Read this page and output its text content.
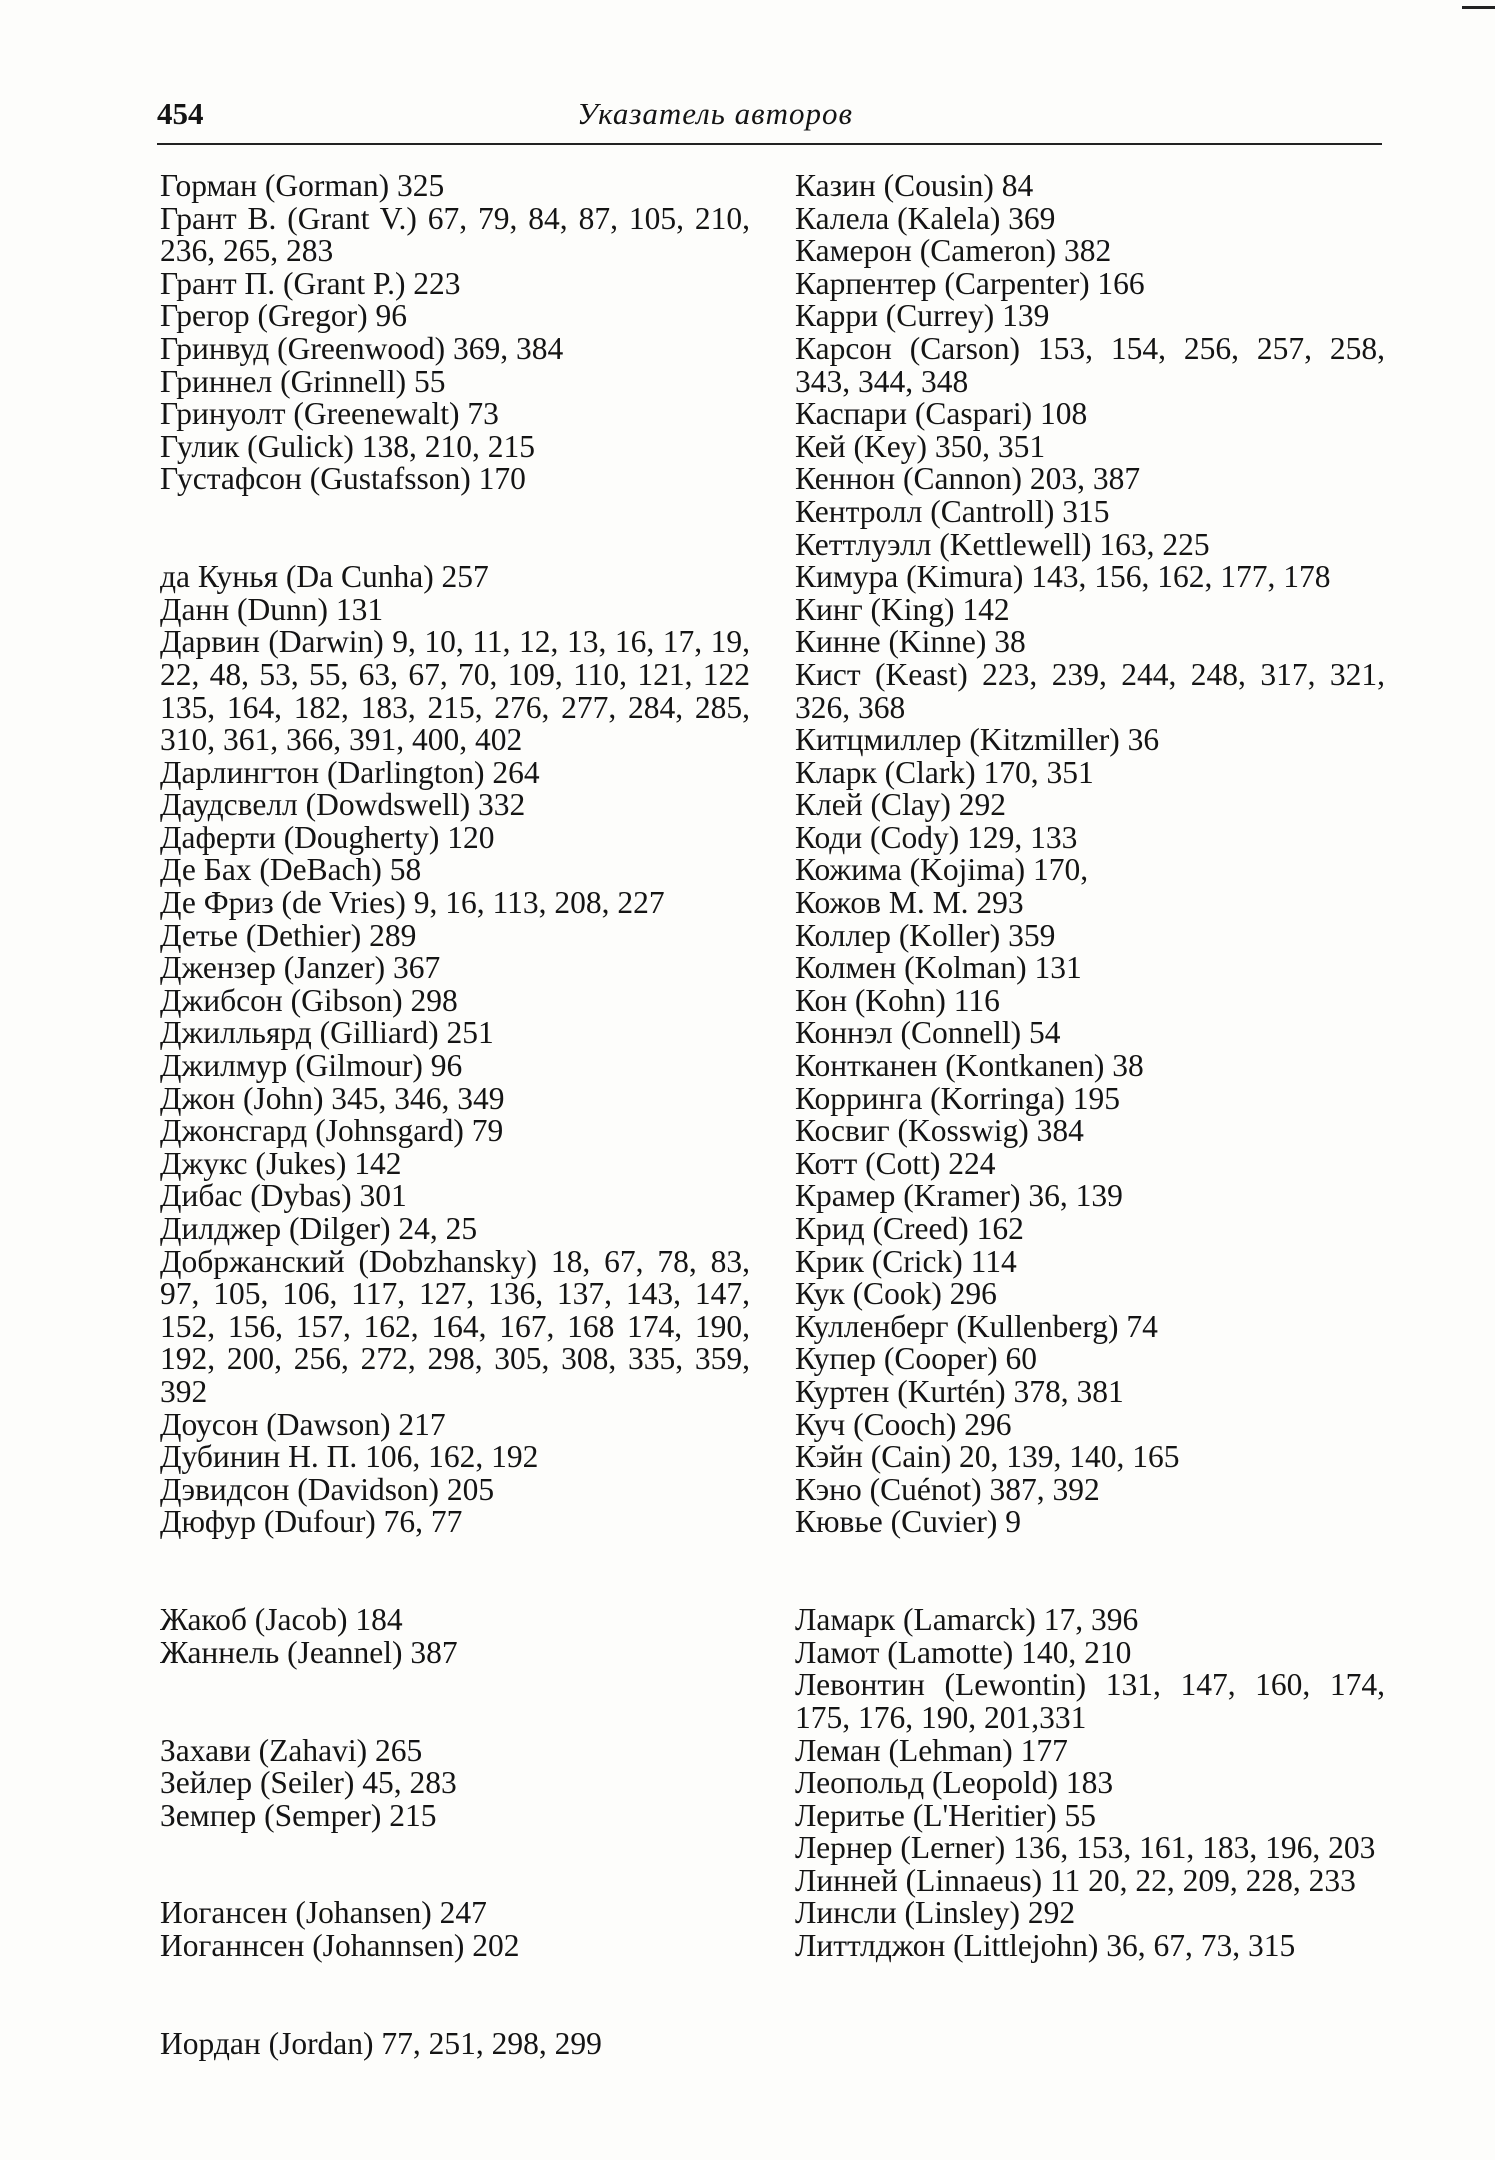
454	Указатель авторов
Горман (Gorman) 325
Грант В. (Grant V.) 67, 79, 84, 87, 105, 210, 236, 265, 283
Грант П. (Grant P.) 223
Грегор (Gregor) 96
Гринвуд (Greenwood) 369, 384
Гриннел (Grinnell) 55
Гринуолт (Greenewalt) 73
Гулик (Gulick) 138, 210, 215
Густафсон (Gustafsson) 170
да Кунья (Da Cunha) 257
Данн (Dunn) 131
Дарвин (Darwin) 9, 10, 11, 12, 13, 16, 17, 19, 22, 48, 53, 55, 63, 67, 70, 109, 110, 121, 122 135, 164, 182, 183, 215, 276, 277, 284, 285, 310, 361, 366, 391, 400, 402
Дарлингтон (Darlington) 264
Даудсвелл (Dowdswell) 332
Даферти (Dougherty) 120
Де Бах (DeBach) 58
Де Фриз (de Vries) 9, 16, 113, 208, 227
Детье (Dethier) 289
Джензер (Janzer) 367
Джибсон (Gibson) 298
Джилльярд (Gilliard) 251
Джилмур (Gilmour) 96
Джон (John) 345, 346, 349
Джонсгард (Johnsgard) 79
Джукс (Jukes) 142
Дибас (Dybas) 301
Дилджер (Dilger) 24, 25
Добржанский (Dobzhansky) 18, 67, 78, 83, 97, 105, 106, 117, 127, 136, 137, 143, 147, 152, 156, 157, 162, 164, 167, 168 174, 190, 192, 200, 256, 272, 298, 305, 308, 335, 359, 392
Доусон (Dawson) 217
Дубинин Н. П. 106, 162, 192
Дэвидсон (Davidson) 205
Дюфур (Dufour) 76, 77
Жакоб (Jacob) 184
Жаннель (Jeannel) 387
Захави (Zahavi) 265
Зейлер (Seiler) 45, 283
Земпер (Semper) 215
Иогансен (Johansen) 247
Иоганнсен (Johannsen) 202
Иордан (Jordan) 77, 251, 298, 299
Казин (Cousin) 84
Калела (Kalela) 369
Камерон (Cameron) 382
Карпентер (Carpenter) 166
Карри (Currey) 139
Карсон (Carson) 153, 154, 256, 257, 258, 343, 344, 348
Каспари (Caspari) 108
Кей (Key) 350, 351
Кеннон (Cannon) 203, 387
Кентролл (Cantroll) 315
Кеттлуэлл (Kettlewell) 163, 225
Кимура (Kimura) 143, 156, 162, 177, 178
Кинг (King) 142
Кинне (Kinne) 38
Кист (Keast) 223, 239, 244, 248, 317, 321, 326, 368
Китцмиллер (Kitzmiller) 36
Кларк (Clark) 170, 351
Клей (Clay) 292
Коди (Cody) 129, 133
Кожима (Kojima) 170,
Кожов М. М. 293
Коллер (Koller) 359
Колмен (Kolman) 131
Кон (Kohn) 116
Коннэл (Connell) 54
Контканен (Kontkanen) 38
Корринга (Korringa) 195
Косвиг (Kosswig) 384
Котт (Cott) 224
Крамер (Kramer) 36, 139
Крид (Creed) 162
Крик (Crick) 114
Кук (Cook) 296
Кулленберг (Kullenberg) 74
Купер (Cooper) 60
Куртен (Kurtén) 378, 381
Куч (Cooch) 296
Кэйн (Cain) 20, 139, 140, 165
Кэно (Cuénot) 387, 392
Кювье (Cuvier) 9
Ламарк (Lamarck) 17, 396
Ламот (Lamotte) 140, 210
Левонтин (Lewontin) 131, 147, 160, 174, 175, 176, 190, 201,331
Леман (Lehman) 177
Леопольд (Leopold) 183
Леритье (L'Heritier) 55
Лернер (Lerner) 136, 153, 161, 183, 196, 203
Линней (Linnaeus) 11 20, 22, 209, 228, 233
Линсли (Linsley) 292
Литтлджон (Littlejohn) 36, 67, 73, 315
